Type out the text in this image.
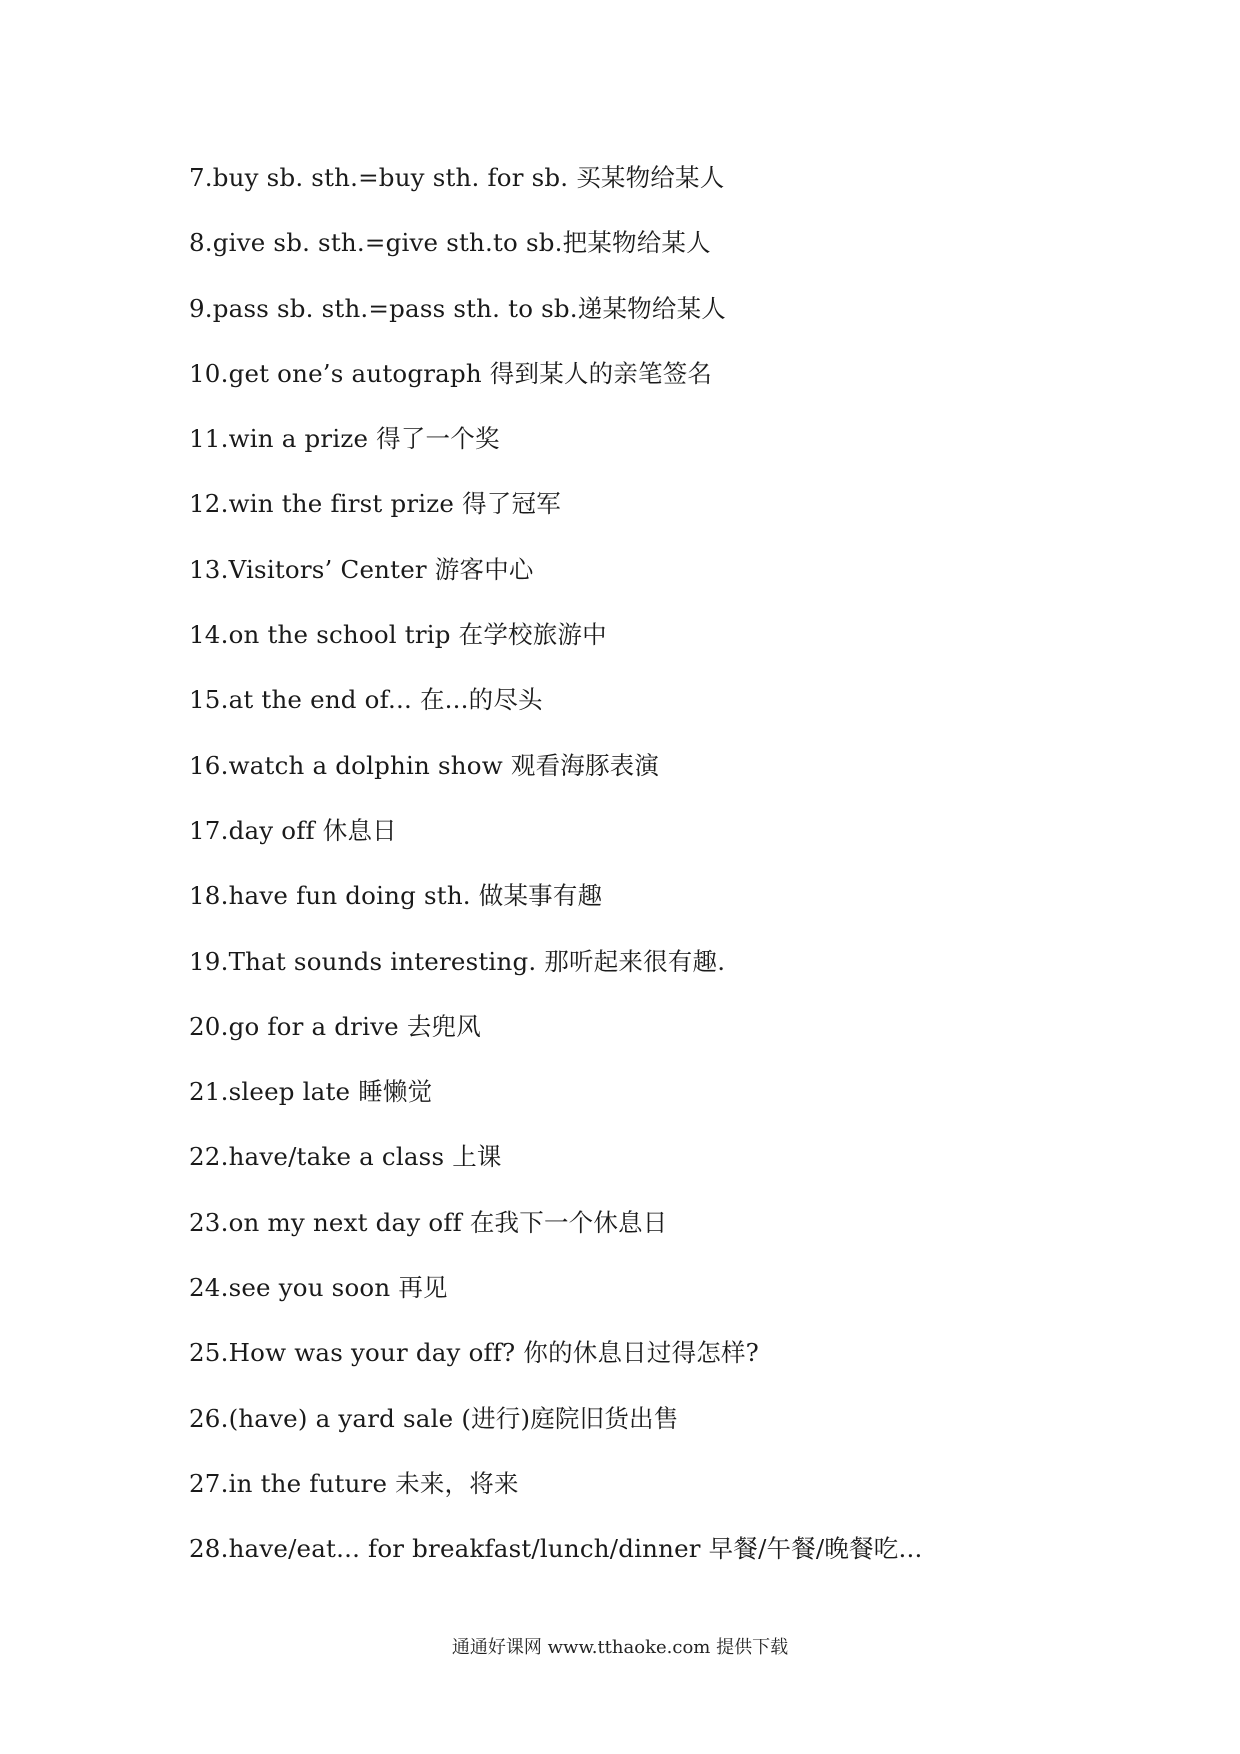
7.buy sb. sth.=buy sth. for sb. 买某物给某人
8.give sb. sth.=give sth.to sb.把某物给某人
9.pass sb. sth.=pass sth. to sb.递某物给某人
10.get one’s autograph 得到某人的亲笔签名
11.win a prize 得了一个奖
12.win the first prize 得了冠军
13.Visitors’ Center 游客中心
14.on the school trip 在学校旅游中
15.at the end of... 在...的尽头
16.watch a dolphin show 观看海豚表演
17.day off 休息日
18.have fun doing sth. 做某事有趣
19.That sounds interesting. 那听起来很有趣.
20.go for a drive 去兜风
21.sleep late 睡懒觉
22.have/take a class 上课
23.on my next day off 在我下一个休息日
24.see you soon 再见
25.How was your day off? 你的休息日过得怎样?
26.(have) a yard sale (进行)庭院旧货出售
27.in the future 未来，将来
28.have/eat... for breakfast/lunch/dinner 早餐/午餐/晚餐吃...
通通好课网 www.tthaoke.com 提供下载
